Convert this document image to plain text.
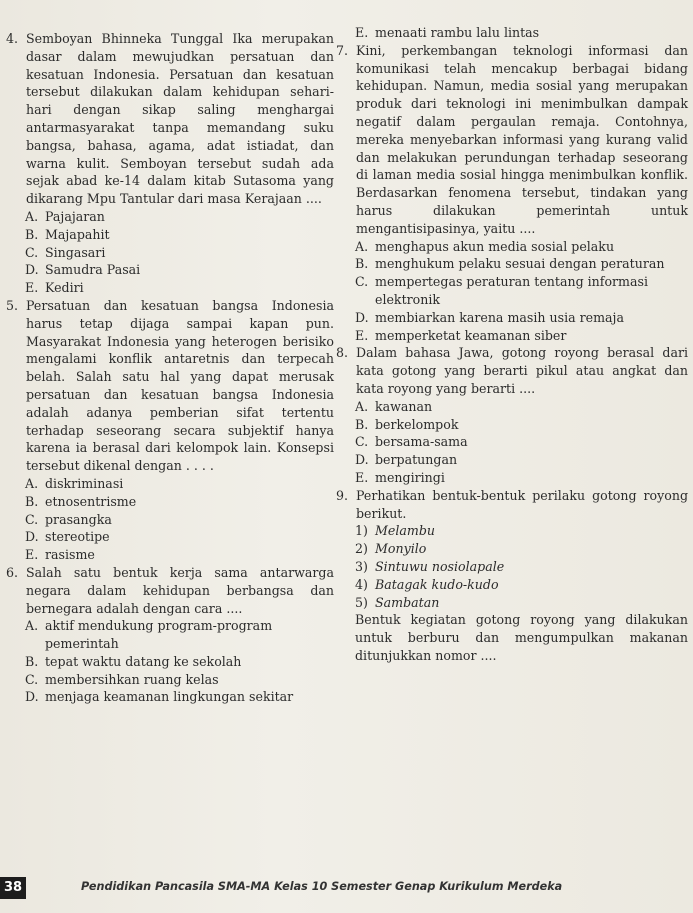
4. Semboyan Bhinneka Tunggal Ika merupakan dasar dalam mewujudkan persatuan dan kesatuan Indonesia. Persatuan dan kesatuan tersebut dilakukan dalam kehidupan sehari- hari dengan sikap saling menghargai antarmasyarakat tanpa memandang suku bangsa, bahasa, agama, adat istiadat, dan warna kulit. Semboyan tersebut sudah ada sejak abad ke-14 dalam kitab Sutasoma yang dikarang Mpu Tantular dari masa Kerajaan ....

A. Pajajaran
B. Majapahit
C. Singasari
D. Samudra Pasai
E. Kediri
5. Persatuan dan kesatuan bangsa Indonesia harus tetap dijaga sampai kapan pun. Masyarakat Indonesia yang heterogen berisiko mengalami konflik antaretnis dan terpecah belah. Salah satu hal yang dapat merusak persatuan dan kesatuan bangsa Indonesia adalah adanya pemberian sifat tertentu terhadap seseorang secara subjektif hanya karena ia berasal dari kelompok lain. Konsepsi tersebut dikenal dengan . . . .

A. diskriminasi
B. etnosentrisme
C. prasangka
D. stereotipe
E. rasisme
6. Salah satu bentuk kerja sama antarwarga negara dalam kehidupan berbangsa dan bernegara adalah dengan cara ....

A. aktif mendukung program-program pemerintah
B. tepat waktu datang ke sekolah
C. membersihkan ruang kelas
D. menjaga keamanan lingkungan sekitar
E. menaati rambu lalu lintas
7. Kini, perkembangan teknologi informasi dan komunikasi telah mencakup berbagai bidang kehidupan. Namun, media sosial yang merupakan produk dari teknologi ini menimbulkan dampak negatif dalam pergaulan remaja. Contohnya, mereka menyebarkan informasi yang kurang valid dan melakukan perundungan terhadap seseorang di laman media sosial hingga menimbulkan konflik. Berdasarkan fenomena tersebut, tindakan yang harus dilakukan pemerintah untuk mengantisipasinya, yaitu ....

A. menghapus akun media sosial pelaku
B. menghukum pelaku sesuai dengan peraturan
C. mempertegas peraturan tentang informasi elektronik
D. membiarkan karena masih usia remaja
E. memperketat keamanan siber
8. Dalam bahasa Jawa, gotong royong berasal dari kata gotong yang berarti pikul atau angkat dan kata royong yang berarti ....

A. kawanan
B. berkelompok
C. bersama-sama
D. berpatungan
E. mengiringi
9. Perhatikan bentuk-bentuk perilaku gotong royong berikut.

1) Melambu
2) Monyilo
3) Sintuwu nosiolapale
4) Batagak kudo-kudo
5) Sambatan

Bentuk kegiatan gotong royong yang dilakukan untuk berburu dan mengumpulkan makanan ditunjukkan nomor ....

38	Pendidikan Pancasila SMA-MA Kelas 10 Semester Genap Kurikulum Merdeka
